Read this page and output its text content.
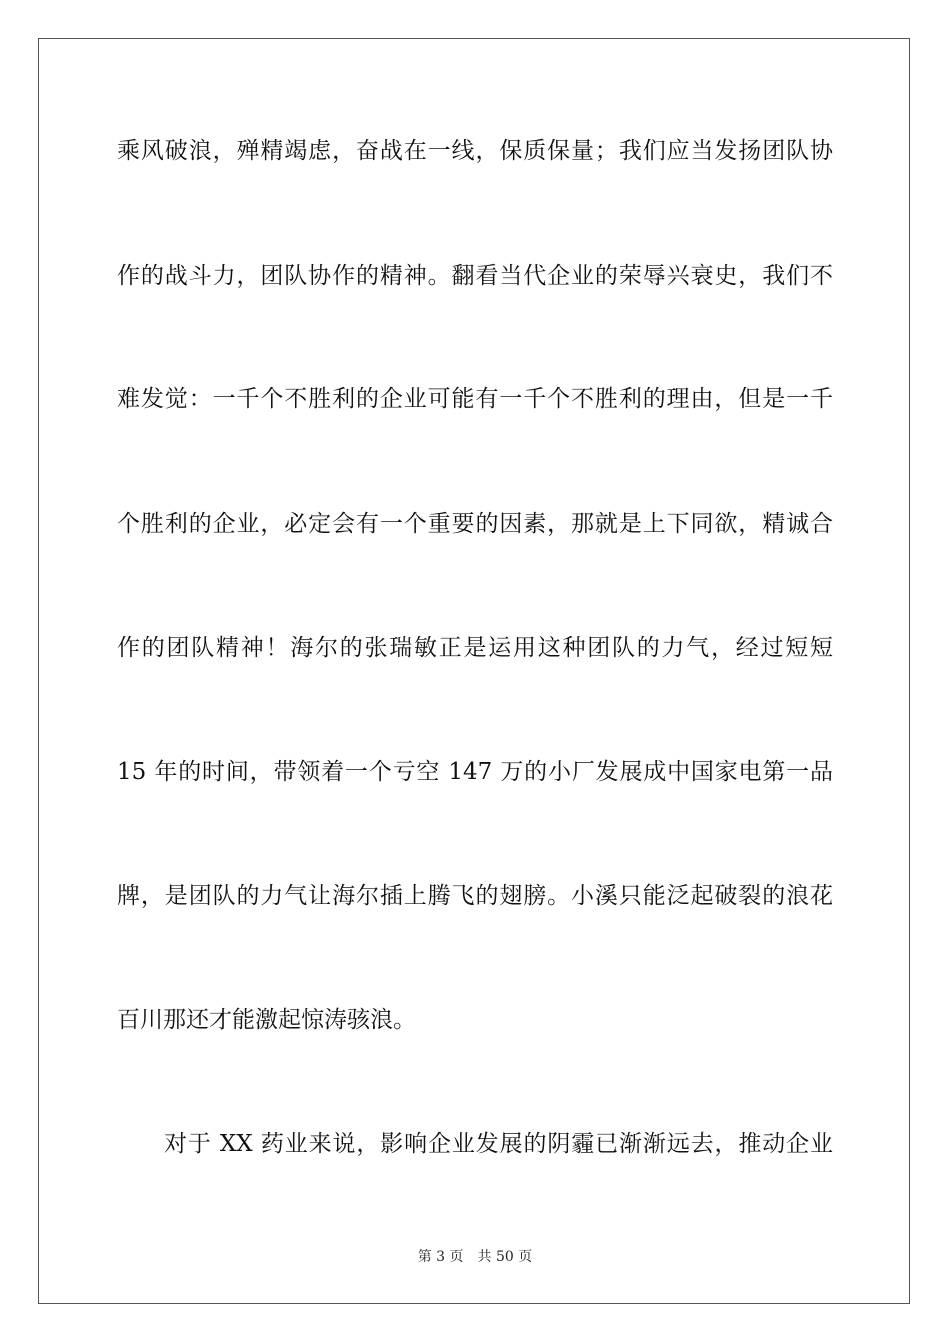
乘风破浪，殚精竭虑，奋战在一线，保质保量；我们应当发扬团队协
作的战斗力，团队协作的精神。翻看当代企业的荣辱兴衰史，我们不
难发觉：一千个不胜利的企业可能有一千个不胜利的理由，但是一千
个胜利的企业，必定会有一个重要的因素，那就是上下同欲，精诚合
作的团队精神！海尔的张瑞敏正是运用这种团队的力气，经过短短
15 年的时间，带领着一个亏空 147 万的小厂发展成中国家电第一品
牌，是团队的力气让海尔插上腾飞的翅膀。小溪只能泛起破裂的浪花
百川那还才能激起惊涛骇浪。
对于 XX 药业来说，影响企业发展的阴霾已渐渐远去，推动企业
第 3 页 共 50 页
